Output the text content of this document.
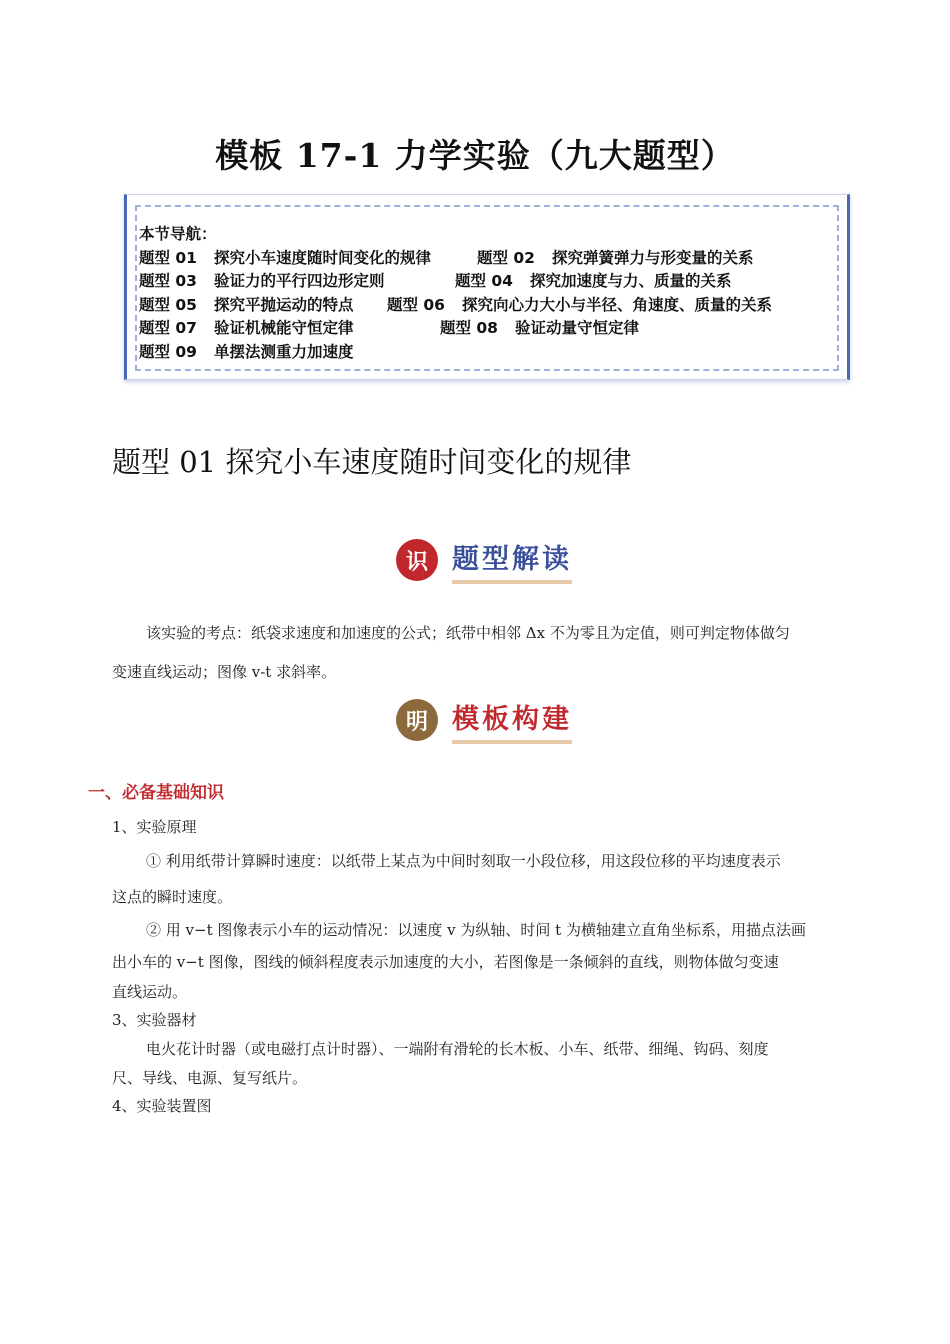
模板 17-1 力学实验（九大题型）
本节导航：
题型 01 探究小车速度随时间变化的规律	题型 02 探究弹簧弹力与形变量的关系
题型 03 验证力的平行四边形定则	题型 04 探究加速度与力、质量的关系
题型 05 探究平抛运动的特点 题型 06 探究向心力大小与半径、角速度、质量的关系
题型 07 验证机械能守恒定律	题型 08 验证动量守恒定律
题型 09 单摆法测重力加速度
题型 01 探究小车速度随时间变化的规律
识 题型解读
该实验的考点：纸袋求速度和加速度的公式；纸带中相邻 Δx 不为零且为定值，则可判定物体做匀
变速直线运动；图像 v-t 求斜率。
明 模板构建
一、必备基础知识
1、实验原理
① 利用纸带计算瞬时速度：以纸带上某点为中间时刻取一小段位移，用这段位移的平均速度表示
这点的瞬时速度。
② 用 v−t 图像表示小车的运动情况：以速度 v 为纵轴、时间 t 为横轴建立直角坐标系，用描点法画
出小车的 v−t 图像，图线的倾斜程度表示加速度的大小，若图像是一条倾斜的直线，则物体做匀变速
直线运动。
3、实验器材
电火花计时器（或电磁打点计时器）、一端附有滑轮的长木板、小车、纸带、细绳、钩码、刻度
尺、导线、电源、复写纸片。
4、实验装置图
